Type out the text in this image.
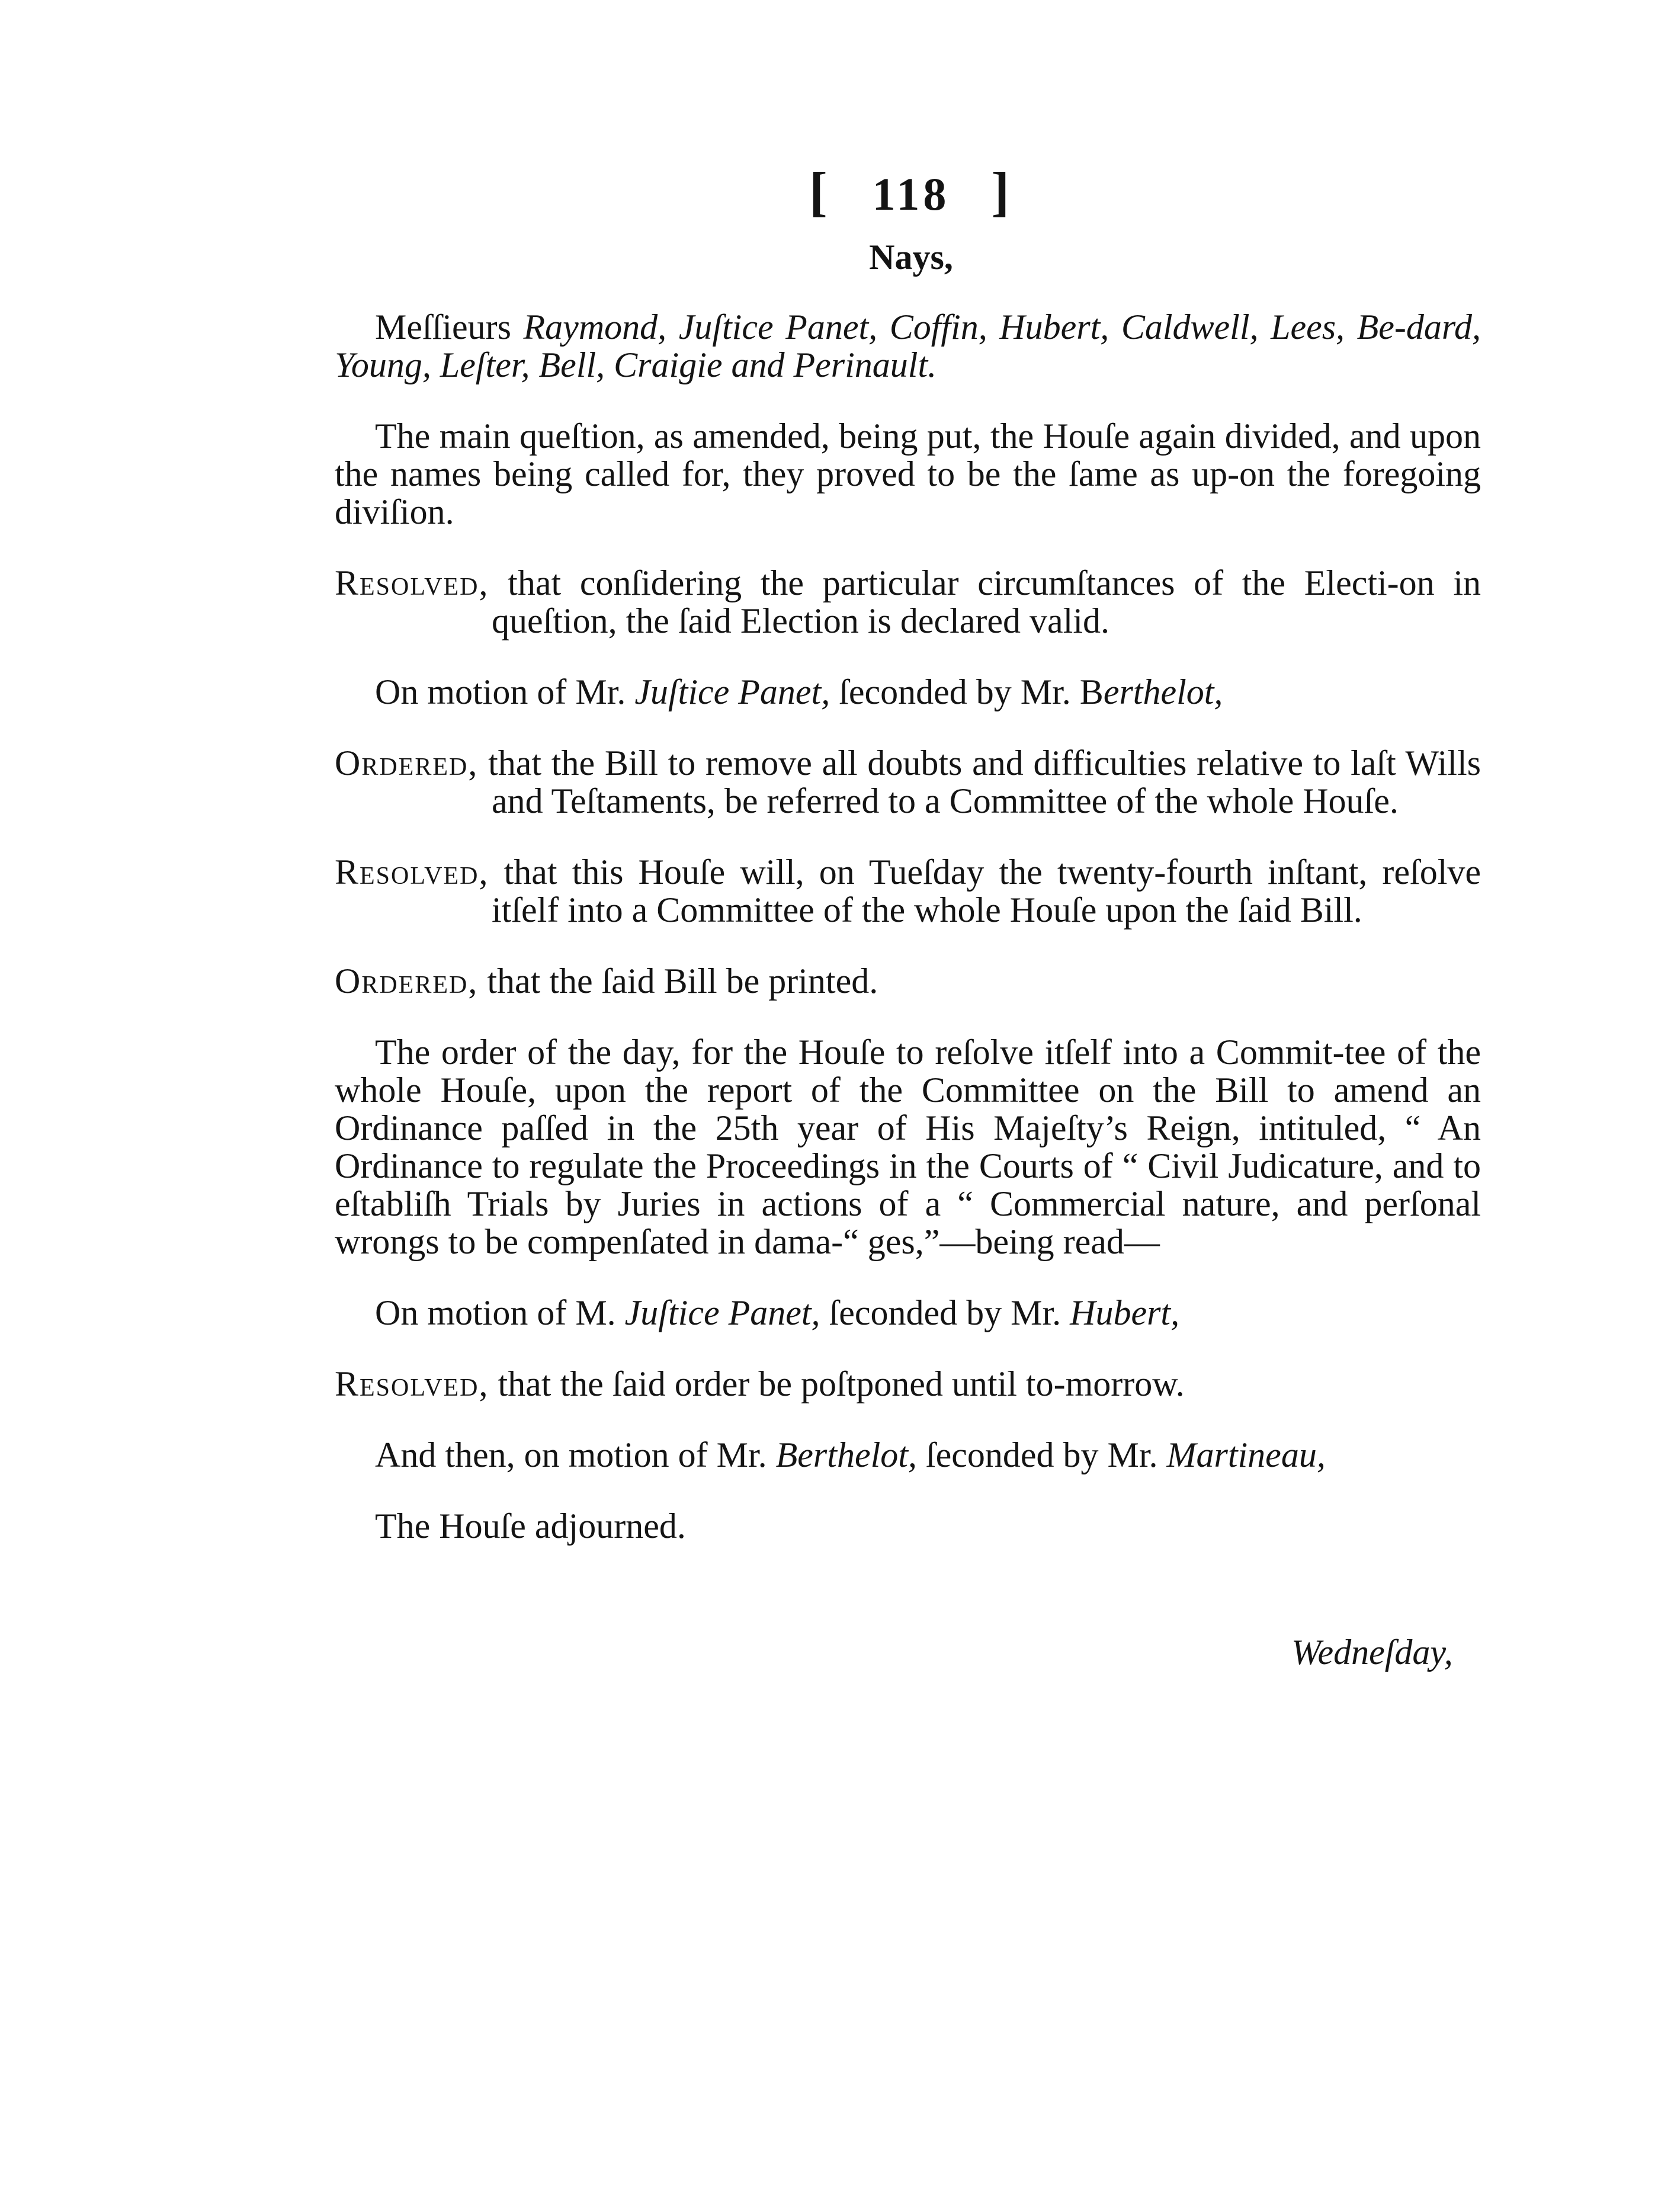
[ 118 ]
Nays,

Meſſieurs Raymond, Juſtice Panet, Coffin, Hubert, Caldwell, Lees, Be-dard, Young, Leſter, Bell, Craigie and Perinault.

The main queſtion, as amended, being put, the Houſe again divided, and upon the names being called for, they proved to be the ſame as up-on the foregoing diviſion.

Resolved, that conſidering the particular circumſtances of the Electi-on in queſtion, the ſaid Election is declared valid.

On motion of Mr. Juſtice Panet, ſeconded by Mr. Berthelot,

Ordered, that the Bill to remove all doubts and difficulties relative to laſt Wills and Teſtaments, be referred to a Committee of the whole Houſe.

Resolved, that this Houſe will, on Tueſday the twenty-fourth inſtant, reſolve itſelf into a Committee of the whole Houſe upon the ſaid Bill.

Ordered, that the ſaid Bill be printed.

The order of the day, for the Houſe to reſolve itſelf into a Commit-tee of the whole Houſe, upon the report of the Committee on the Bill to amend an Ordinance paſſed in the 25th year of His Majeſty’s Reign, intituled, “ An Ordinance to regulate the Proceedings in the Courts of “ Civil Judicature, and to eſtabliſh Trials by Juries in actions of a “ Commercial nature, and perſonal wrongs to be compenſated in dama-“ ges,”—being read—

On motion of M. Juſtice Panet, ſeconded by Mr. Hubert,

Resolved, that the ſaid order be poſtponed until to-morrow.

And then, on motion of Mr. Berthelot, ſeconded by Mr. Martineau,

The Houſe adjourned.

Wedneſday,
